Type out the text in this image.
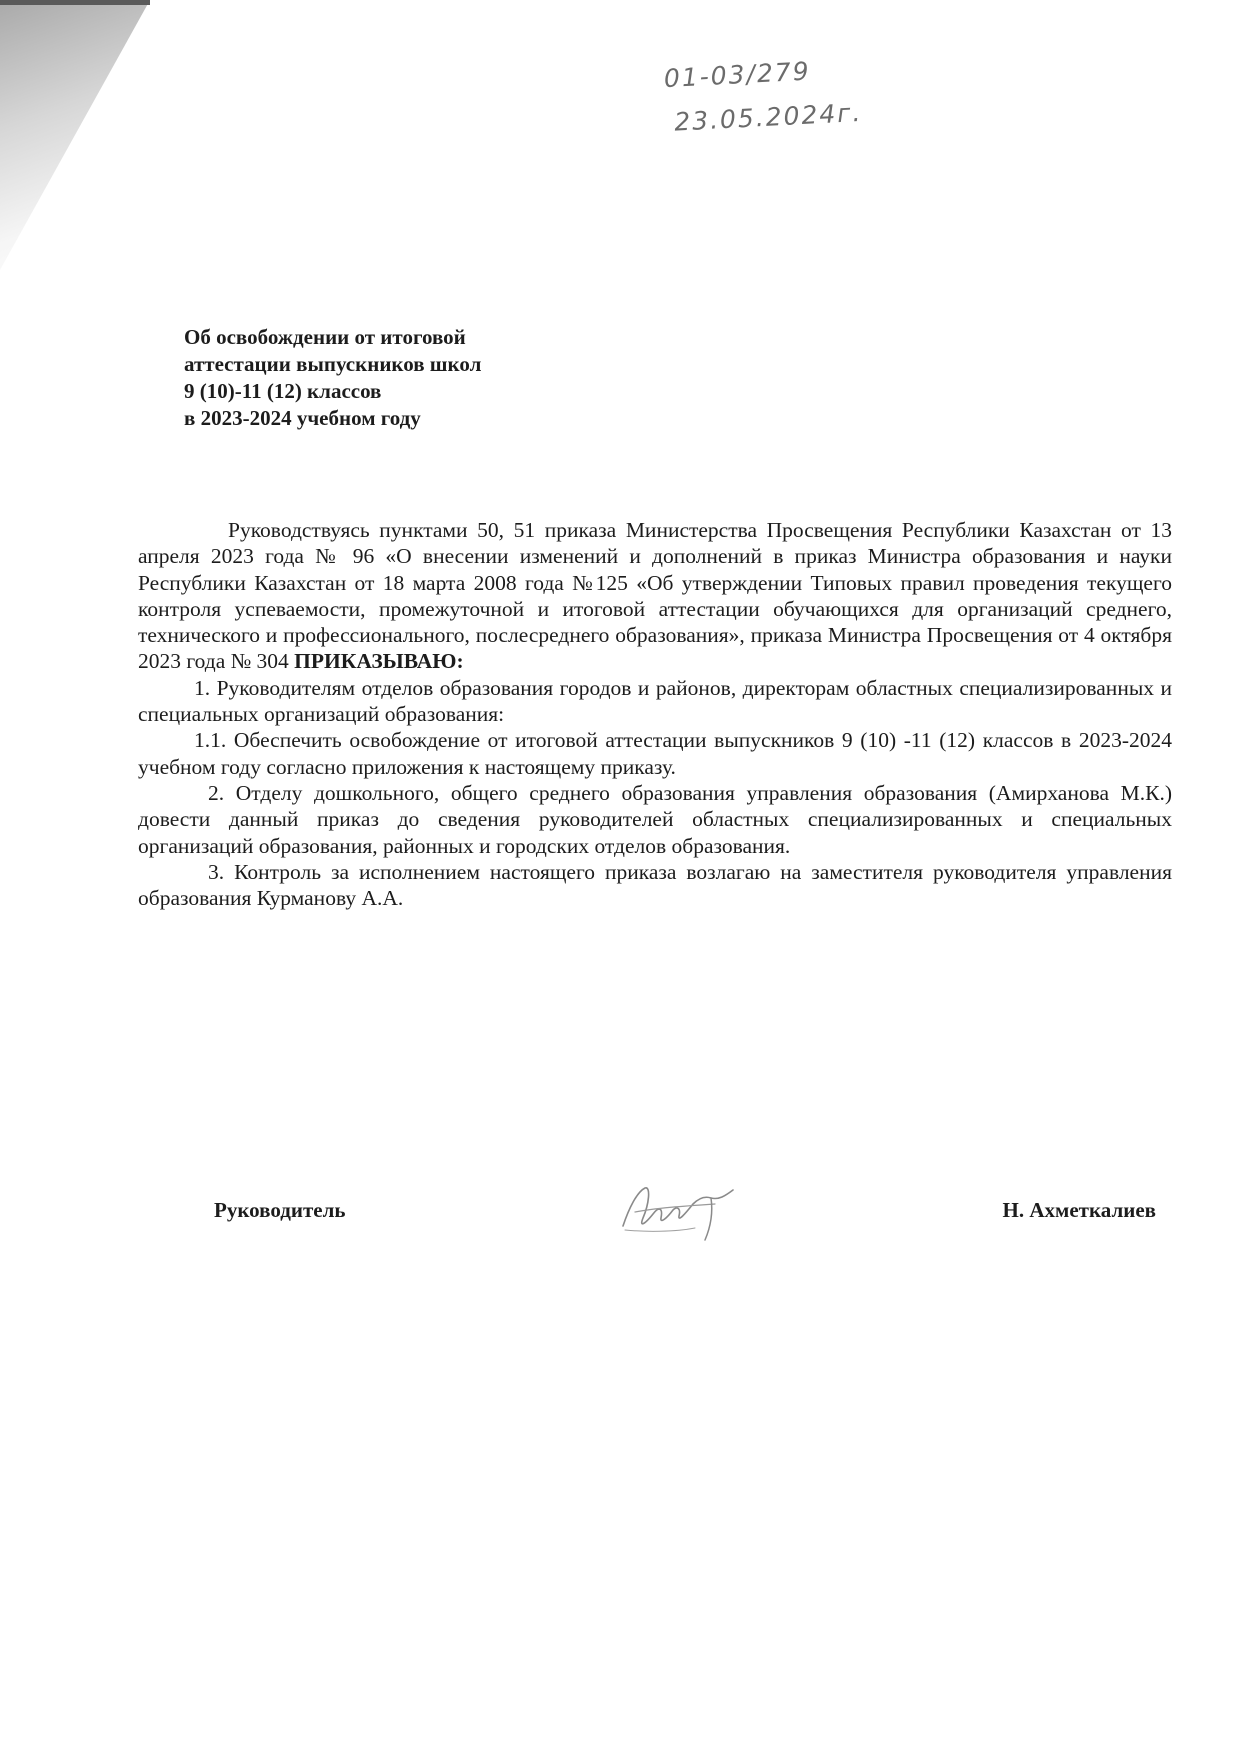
01-03/279
23.05.2024г.
Об освобождении от итоговой
аттестации выпускников школ
9 (10)-11 (12) классов
в 2023-2024 учебном году

Руководствуясь пунктами 50, 51 приказа Министерства Просвещения Республики Казахстан от 13 апреля 2023 года № 96 «О внесении изменений и дополнений в приказ Министра образования и науки Республики Казахстан от 18 марта 2008 года №125 «Об утверждении Типовых правил проведения текущего контроля успеваемости, промежуточной и итоговой аттестации обучающихся для организаций среднего, технического и профессионального, послесреднего образования», приказа Министра Просвещения от 4 октября 2023 года № 304 ПРИКАЗЫВАЮ:

1. Руководителям отделов образования городов и районов, директорам областных специализированных и специальных организаций образования:

1.1. Обеспечить освобождение от итоговой аттестации выпускников 9 (10) -11 (12) классов в 2023-2024 учебном году согласно приложения к настоящему приказу.

2. Отделу дошкольного, общего среднего образования управления образования (Амирханова М.К.) довести данный приказ до сведения руководителей областных специализированных и специальных организаций образования, районных и городских отделов образования.

3. Контроль за исполнением настоящего приказа возлагаю на заместителя руководителя управления образования Курманову А.А.

Руководитель	Н. Ахметкалиев
